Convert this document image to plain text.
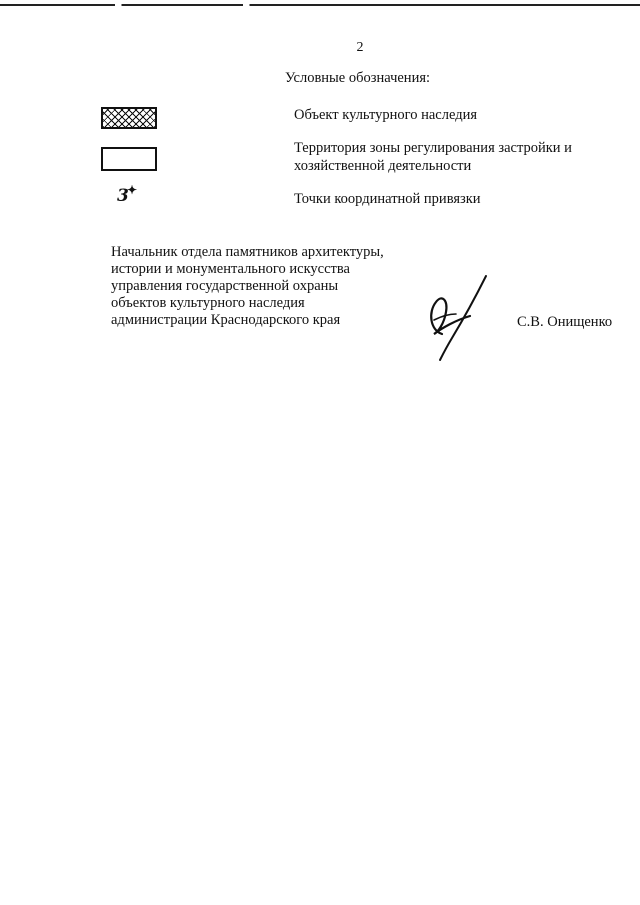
2
Условные обозначения:
Объект культурного наследия
Территория зоны регулирования застройки и
хозяйственной деятельности
3
✦
Точки координатной привязки
Начальник отдела памятников архитектуры,
истории и монументального искусства
управления государственной охраны
объектов культурного наследия
администрации Краснодарского края	С.В. Онищенко
